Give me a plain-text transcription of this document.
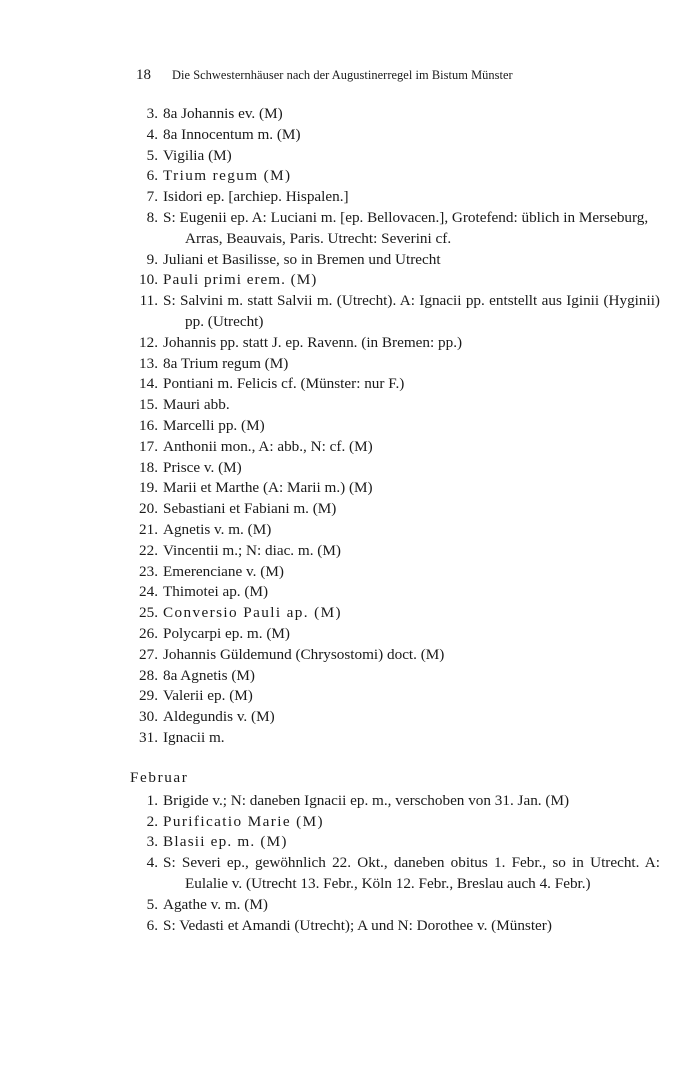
18 Die Schwesternhäuser nach der Augustinerregel im Bistum Münster
3. 8a Johannis ev. (M)
4. 8a Innocentum m. (M)
5. Vigilia (M)
6. Trium regum (M)
7. Isidori ep. [archiep. Hispalen.]
8. S: Eugenii ep. A: Luciani m. [ep. Bellovacen.], Grotefend: üblich in Merseburg, Arras, Beauvais, Paris. Utrecht: Severini cf.
9. Juliani et Basilisse, so in Bremen und Utrecht
10. Pauli primi erem. (M)
11. S: Salvini m. statt Salvii m. (Utrecht). A: Ignacii pp. entstellt aus Iginii (Hyginii) pp. (Utrecht)
12. Johannis pp. statt J. ep. Ravenn. (in Bremen: pp.)
13. 8a Trium regum (M)
14. Pontiani m. Felicis cf. (Münster: nur F.)
15. Mauri abb.
16. Marcelli pp. (M)
17. Anthonii mon., A: abb., N: cf. (M)
18. Prisce v. (M)
19. Marii et Marthe (A: Marii m.) (M)
20. Sebastiani et Fabiani m. (M)
21. Agnetis v. m. (M)
22. Vincentii m.; N: diac. m. (M)
23. Emerenciane v. (M)
24. Thimotei ap. (M)
25. Conversio Pauli ap. (M)
26. Polycarpi ep. m. (M)
27. Johannis Güldemund (Chrysostomi) doct. (M)
28. 8a Agnetis (M)
29. Valerii ep. (M)
30. Aldegundis v. (M)
31. Ignacii m.
Februar
1. Brigide v.; N: daneben Ignacii ep. m., verschoben von 31. Jan. (M)
2. Purificatio Marie (M)
3. Blasii ep. m. (M)
4. S: Severi ep., gewöhnlich 22. Okt., daneben obitus 1. Febr., so in Utrecht. A: Eulalie v. (Utrecht 13. Febr., Köln 12. Febr., Breslau auch 4. Febr.)
5. Agathe v. m. (M)
6. S: Vedasti et Amandi (Utrecht); A und N: Dorothee v. (Münster)
